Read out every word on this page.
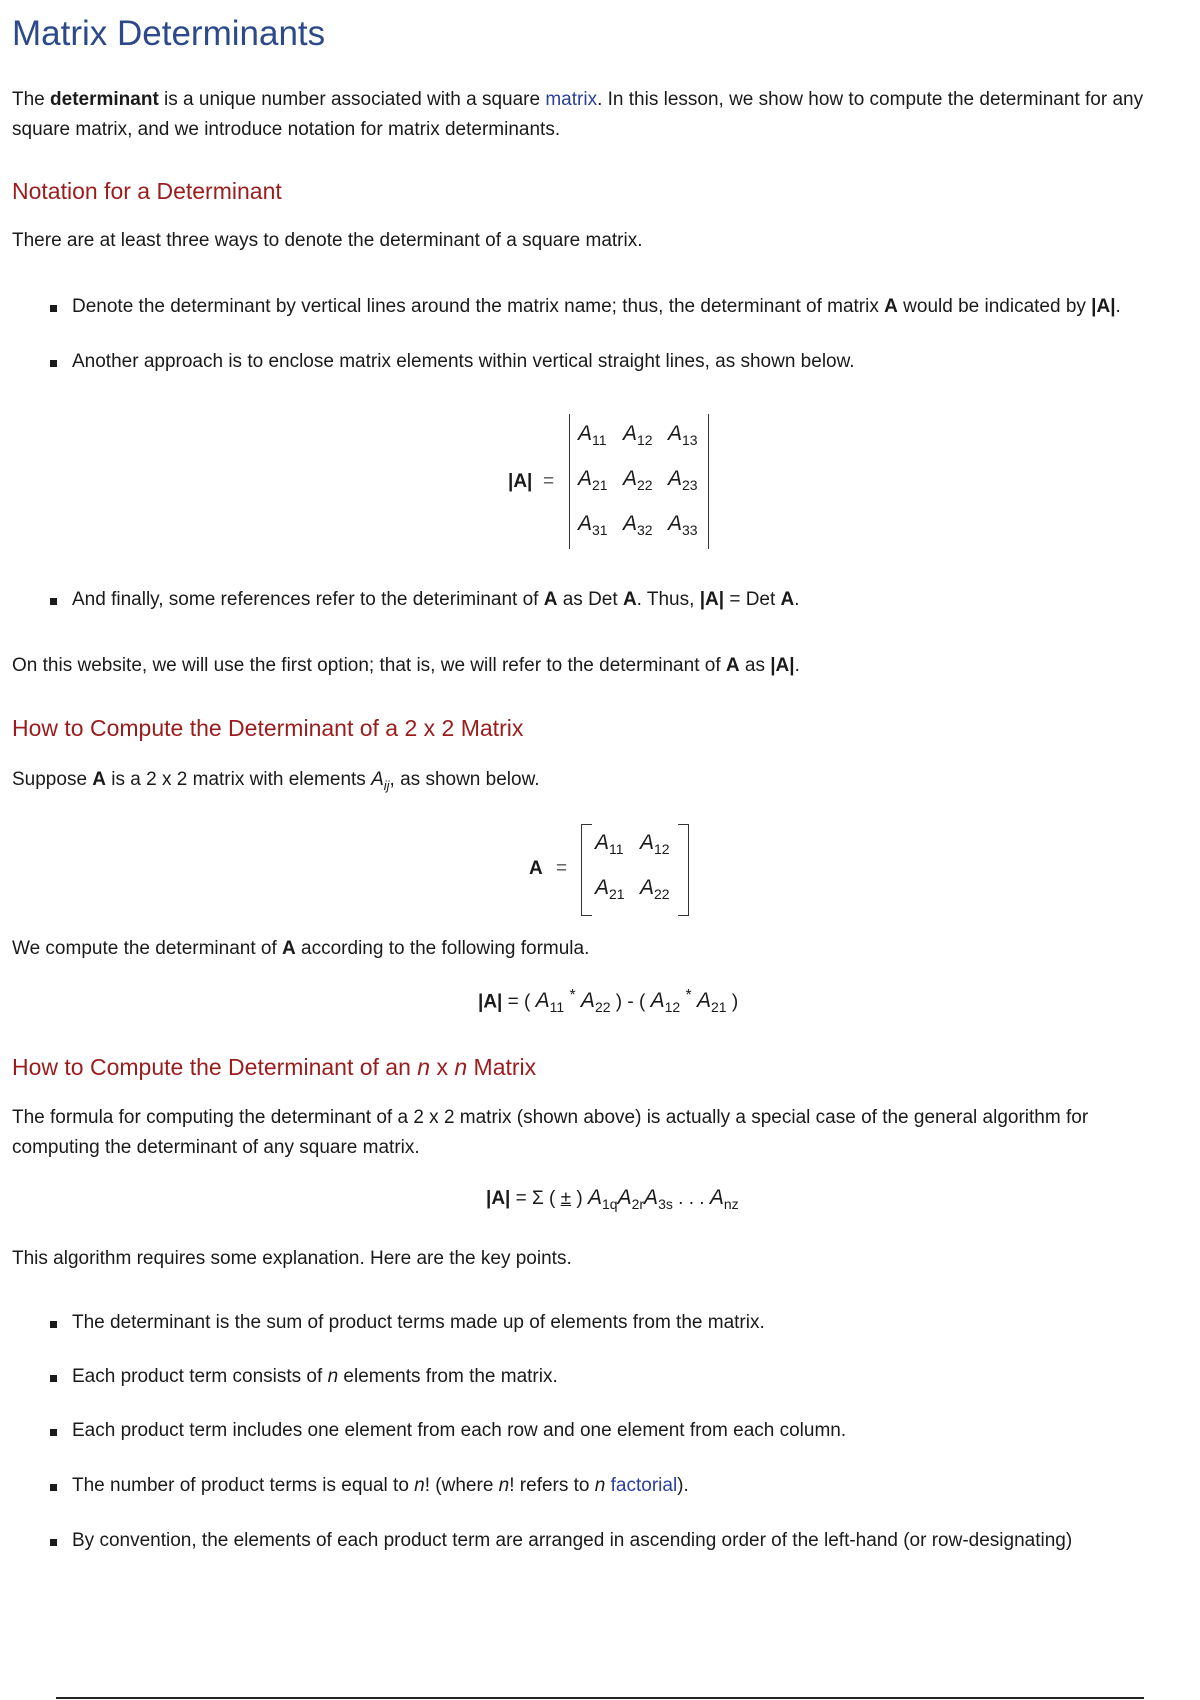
Matrix Determinants
The determinant is a unique number associated with a square matrix. In this lesson, we show how to compute the determinant for any
square matrix, and we introduce notation for matrix determinants.
Notation for a Determinant
There are at least three ways to denote the determinant of a square matrix.
Denote the determinant by vertical lines around the matrix name; thus, the determinant of matrix A would be indicated by |A|.
Another approach is to enclose matrix elements within vertical straight lines, as shown below.
|A| =
$A_{11}$ $A_{12}$ $A_{13}$
$A_{21}$ $A_{22}$ $A_{23}$
$A_{31}$ $A_{32}$ $A_{33}$
And finally, some references refer to the deteriminant of A as Det A. Thus, |A| = Det A.
On this website, we will use the first option; that is, we will refer to the determinant of A as |A|.
How to Compute the Determinant of a 2 x 2 Matrix
Suppose A is a 2 x 2 matrix with elements $A_{ij}$, as shown below.
A =
$A_{11}$ $A_{12}$
$A_{21}$ $A_{22}$
We compute the determinant of A according to the following formula.
|A| = ( $A_{11}$ * $A_{22}$ ) - ( $A_{12}$ * $A_{21}$ )
How to Compute the Determinant of an n x n Matrix
The formula for computing the determinant of a 2 x 2 matrix (shown above) is actually a special case of the general algorithm for computing the determinant of any square matrix.
|A| = Σ ( ± ) $A_{1q}A_{2r}A_{3s}$ . . . $A_{nz}$
This algorithm requires some explanation. Here are the key points.
The determinant is the sum of product terms made up of elements from the matrix.
Each product term consists of n elements from the matrix.
Each product term includes one element from each row and one element from each column.
The number of product terms is equal to n! (where n! refers to n factorial).
By convention, the elements of each product term are arranged in ascending order of the left-hand (or row-designating)
